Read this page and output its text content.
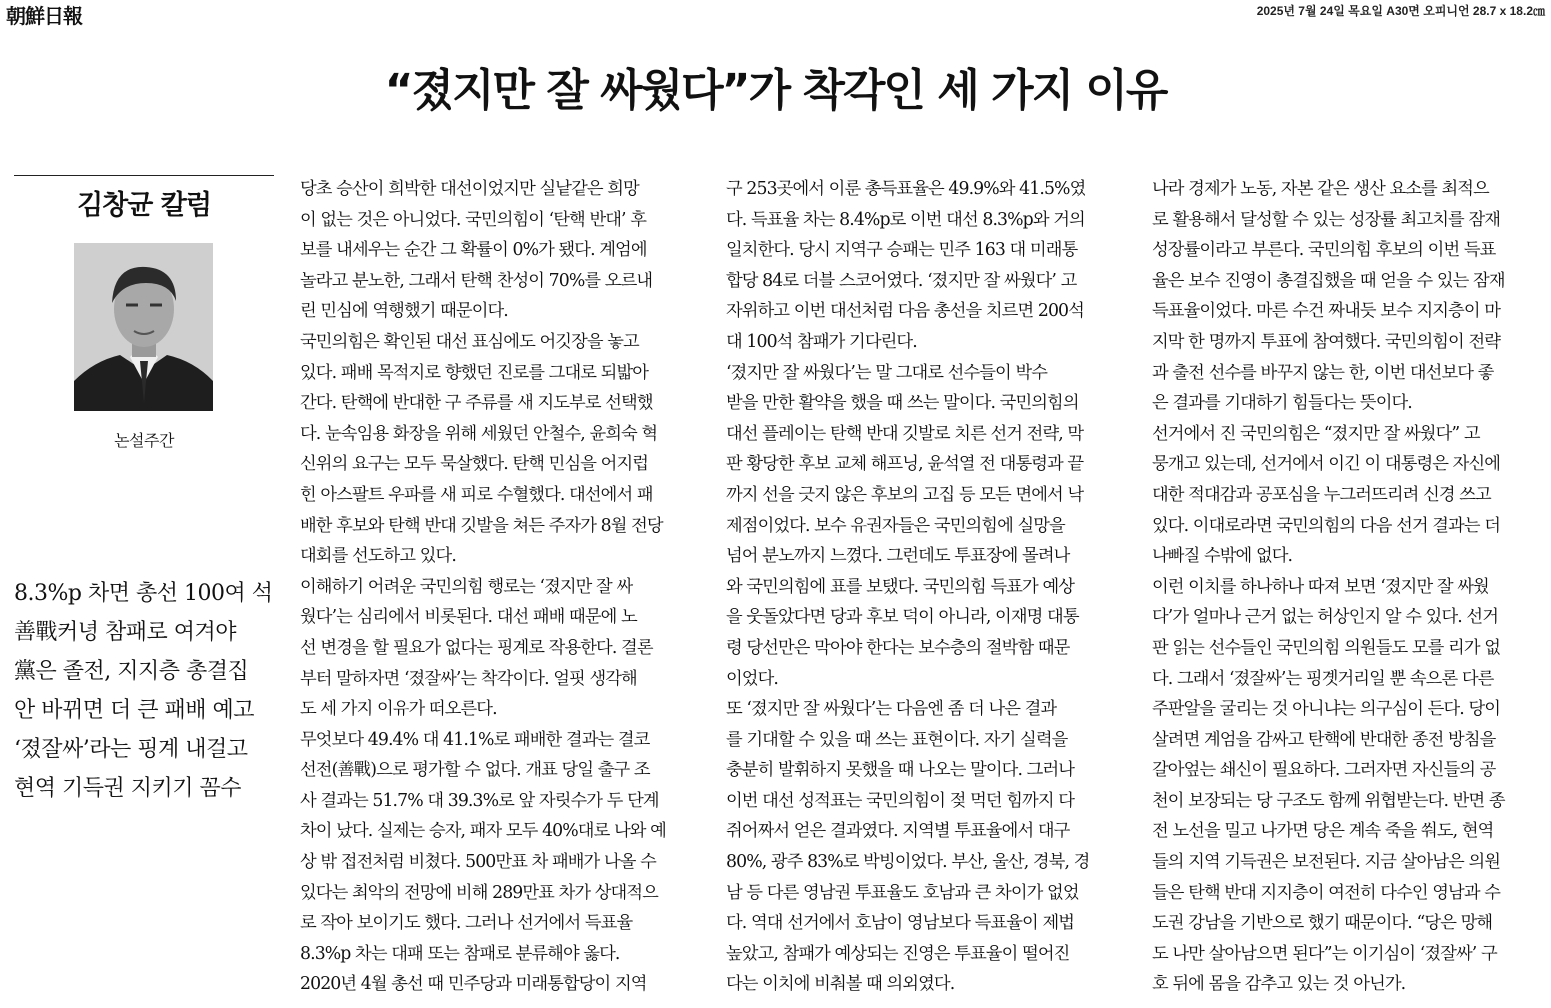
朝鮮日報	2025년 7월 24일 목요일 A30면 오피니언 28.7 x 18.2㎝
“졌지만 잘 싸웠다”가 착각인 세 가지 이유
김창균 칼럼
논설주간
8.3%p 차면 총선 100여 석
善戰커녕 참패로 여겨야
黨은 졸전, 지지층 총결집
안 바뀌면 더 큰 패배 예고
‘졌잘싸’라는 핑계 내걸고
현역 기득권 지키기 꼼수
당초 승산이 희박한 대선이었지만 실낱같은 희망
이 없는 것은 아니었다. 국민의힘이 ‘탄핵 반대’ 후
보를 내세우는 순간 그 확률이 0%가 됐다. 계엄에
놀라고 분노한, 그래서 탄핵 찬성이 70%를 오르내
린 민심에 역행했기 때문이다.
국민의힘은 확인된 대선 표심에도 어깃장을 놓고
있다. 패배 목적지로 향했던 진로를 그대로 되밟아
간다. 탄핵에 반대한 구 주류를 새 지도부로 선택했
다. 눈속임용 화장을 위해 세웠던 안철수, 윤희숙 혁
신위의 요구는 모두 묵살했다. 탄핵 민심을 어지럽
힌 아스팔트 우파를 새 피로 수혈했다. 대선에서 패
배한 후보와 탄핵 반대 깃발을 쳐든 주자가 8월 전당
대회를 선도하고 있다.
이해하기 어려운 국민의힘 행로는 ‘졌지만 잘 싸
웠다’는 심리에서 비롯된다. 대선 패배 때문에 노
선 변경을 할 필요가 없다는 핑계로 작용한다. 결론
부터 말하자면 ‘졌잘싸’는 착각이다. 얼핏 생각해
도 세 가지 이유가 떠오른다.
무엇보다 49.4% 대 41.1%로 패배한 결과는 결코
선전(善戰)으로 평가할 수 없다. 개표 당일 출구 조
사 결과는 51.7% 대 39.3%로 앞 자릿수가 두 단계
차이 났다. 실제는 승자, 패자 모두 40%대로 나와 예
상 밖 접전처럼 비쳤다. 500만표 차 패배가 나올 수
있다는 최악의 전망에 비해 289만표 차가 상대적으
로 작아 보이기도 했다. 그러나 선거에서 득표율
8.3%p 차는 대패 또는 참패로 분류해야 옳다.
2020년 4월 총선 때 민주당과 미래통합당이 지역
구 253곳에서 이룬 총득표율은 49.9%와 41.5%였
다. 득표율 차는 8.4%p로 이번 대선 8.3%p와 거의
일치한다. 당시 지역구 승패는 민주 163 대 미래통
합당 84로 더블 스코어였다. ‘졌지만 잘 싸웠다’ 고
자위하고 이번 대선처럼 다음 총선을 치르면 200석
대 100석 참패가 기다린다.
‘졌지만 잘 싸웠다’는 말 그대로 선수들이 박수
받을 만한 활약을 했을 때 쓰는 말이다. 국민의힘의
대선 플레이는 탄핵 반대 깃발로 치른 선거 전략, 막
판 황당한 후보 교체 해프닝, 윤석열 전 대통령과 끝
까지 선을 긋지 않은 후보의 고집 등 모든 면에서 낙
제점이었다. 보수 유권자들은 국민의힘에 실망을
넘어 분노까지 느꼈다. 그런데도 투표장에 몰려나
와 국민의힘에 표를 보탰다. 국민의힘 득표가 예상
을 웃돌았다면 당과 후보 덕이 아니라, 이재명 대통
령 당선만은 막아야 한다는 보수층의 절박함 때문
이었다.
또 ‘졌지만 잘 싸웠다’는 다음엔 좀 더 나은 결과
를 기대할 수 있을 때 쓰는 표현이다. 자기 실력을
충분히 발휘하지 못했을 때 나오는 말이다. 그러나
이번 대선 성적표는 국민의힘이 젖 먹던 힘까지 다
쥐어짜서 얻은 결과였다. 지역별 투표율에서 대구
80%, 광주 83%로 박빙이었다. 부산, 울산, 경북, 경
남 등 다른 영남권 투표율도 호남과 큰 차이가 없었
다. 역대 선거에서 호남이 영남보다 득표율이 제법
높았고, 참패가 예상되는 진영은 투표율이 떨어진
다는 이치에 비춰볼 때 의외였다.
나라 경제가 노동, 자본 같은 생산 요소를 최적으
로 활용해서 달성할 수 있는 성장률 최고치를 잠재
성장률이라고 부른다. 국민의힘 후보의 이번 득표
율은 보수 진영이 총결집했을 때 얻을 수 있는 잠재
득표율이었다. 마른 수건 짜내듯 보수 지지층이 마
지막 한 명까지 투표에 참여했다. 국민의힘이 전략
과 출전 선수를 바꾸지 않는 한, 이번 대선보다 좋
은 결과를 기대하기 힘들다는 뜻이다.
선거에서 진 국민의힘은 “졌지만 잘 싸웠다” 고
뭉개고 있는데, 선거에서 이긴 이 대통령은 자신에
대한 적대감과 공포심을 누그러뜨리려 신경 쓰고
있다. 이대로라면 국민의힘의 다음 선거 결과는 더
나빠질 수밖에 없다.
이런 이치를 하나하나 따져 보면 ‘졌지만 잘 싸웠
다’가 얼마나 근거 없는 허상인지 알 수 있다. 선거
판 읽는 선수들인 국민의힘 의원들도 모를 리가 없
다. 그래서 ‘졌잘싸’는 핑곗거리일 뿐 속으론 다른
주판알을 굴리는 것 아니냐는 의구심이 든다. 당이
살려면 계엄을 감싸고 탄핵에 반대한 종전 방침을
갈아엎는 쇄신이 필요하다. 그러자면 자신들의 공
천이 보장되는 당 구조도 함께 위협받는다. 반면 종
전 노선을 밀고 나가면 당은 계속 죽을 쒀도, 현역
들의 지역 기득권은 보전된다. 지금 살아남은 의원
들은 탄핵 반대 지지층이 여전히 다수인 영남과 수
도권 강남을 기반으로 했기 때문이다. “당은 망해
도 나만 살아남으면 된다”는 이기심이 ‘졌잘싸’ 구
호 뒤에 몸을 감추고 있는 것 아닌가.
